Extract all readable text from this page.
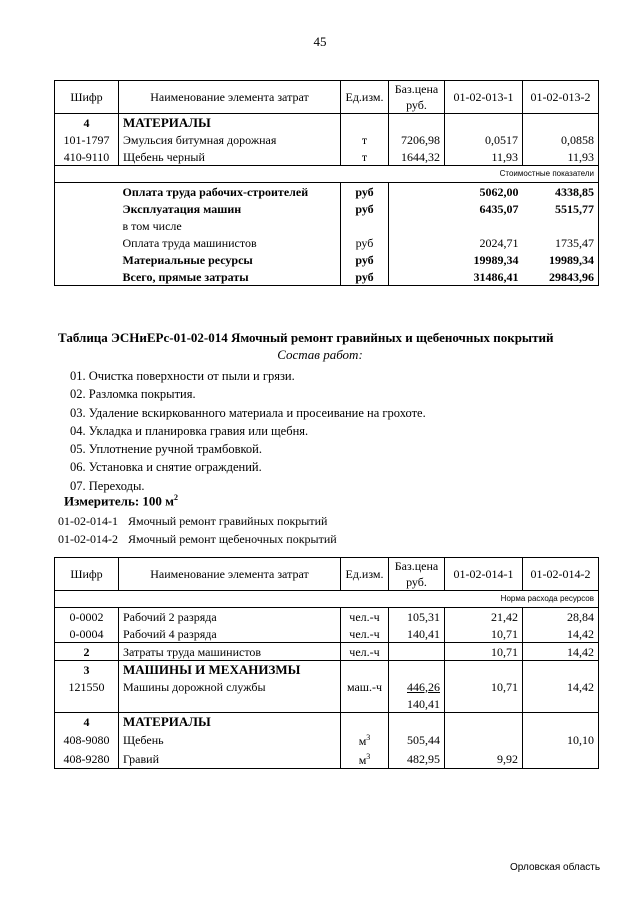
45
Шифр	Наименование элемента затрат	Ед.изм.	Баз.цена
руб.	01-02-013-1	01-02-013-2
4	МАТЕРИАЛЫ				
101-1797	Эмульсия битумная дорожная	т	7206,98	0,0517	0,0858
410-9110	Щебень черный	т	1644,32	11,93	11,93
	Стоимостные показатели				
	Оплата труда рабочих-строителей	руб		5062,00	4338,85
	Эксплуатация машин	руб		6435,07	5515,77
	в том числе				
	Оплата труда машинистов	руб		2024,71	1735,47
	Материальные ресурсы	руб		19989,34	19989,34
	Всего, прямые затраты	руб		31486,41	29843,96
Таблица ЭСНиЕРс-01-02-014 Ямочный ремонт гравийных и щебеночных покрытий
Состав работ:
01. Очистка поверхности от пыли и грязи.
02. Разломка покрытия.
03. Удаление вскиркованного материала и просеивание на грохоте.
04. Укладка и планировка гравия или щебня.
05. Уплотнение ручной трамбовкой.
06. Установка и снятие ограждений.
07. Переходы.
Измеритель: 100 $м^2$
01-02-014-1 Ямочный ремонт гравийных покрытий
01-02-014-2 Ямочный ремонт щебеночных покрытий
Шифр	Наименование элемента затрат	Ед.изм.	Баз.цена
руб.	01-02-014-1	01-02-014-2
	Норма расхода ресурсов				
0-0002	Рабочий 2 разряда	чел.-ч	105,31	21,42	28,84
0-0004	Рабочий 4 разряда	чел.-ч	140,41	10,71	14,42
2	Затраты труда машинистов	чел.-ч		10,71	14,42
3	МАШИНЫ И МЕХАНИЗМЫ				
121550	Машины дорожной службы	маш.-ч	446,26	10,71	14,42
			140,41		
4	МАТЕРИАЛЫ				
408-9080	Щебень	$м^3$	505,44		10,10
408-9280	Гравий	$м^3$	482,95	9,92	
Орловская область
